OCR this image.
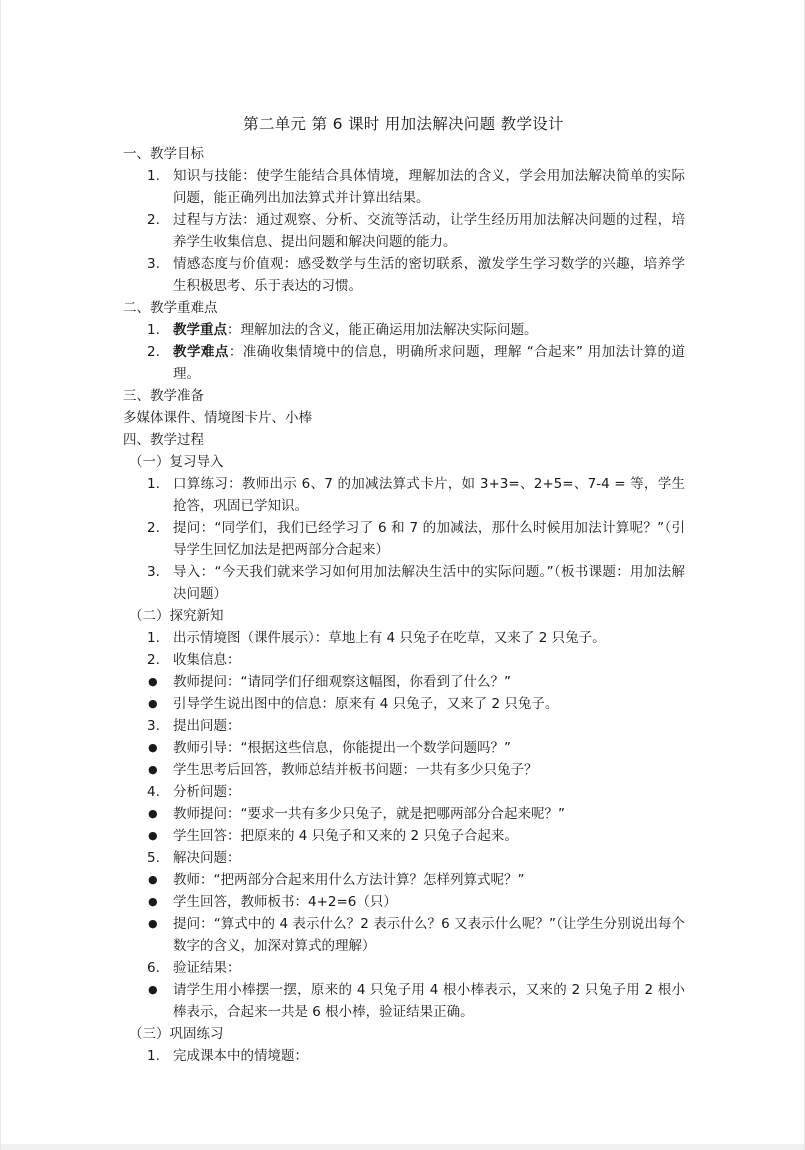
第二单元 第 6 课时 用加法解决问题 教学设计
一、教学目标
1. 知识与技能：使学生能结合具体情境，理解加法的含义，学会用加法解决简单的实际问题，能正确列出加法算式并计算出结果。
2. 过程与方法：通过观察、分析、交流等活动，让学生经历用加法解决问题的过程，培养学生收集信息、提出问题和解决问题的能力。
3. 情感态度与价值观：感受数学与生活的密切联系，激发学生学习数学的兴趣，培养学生积极思考、乐于表达的习惯。
二、教学重难点
1. 教学重点：理解加法的含义，能正确运用加法解决实际问题。
2. 教学难点：准确收集情境中的信息，明确所求问题，理解 “合起来” 用加法计算的道理。
三、教学准备
多媒体课件、情境图卡片、小棒
四、教学过程
（一）复习导入
1. 口算练习：教师出示 6、7 的加减法算式卡片，如 3+3=、2+5=、7-4 = 等，学生抢答，巩固已学知识。
2. 提问：“同学们，我们已经学习了 6 和 7 的加减法，那什么时候用加法计算呢？”（引导学生回忆加法是把两部分合起来）
3. 导入：“今天我们就来学习如何用加法解决生活中的实际问题。”（板书课题：用加法解决问题）
（二）探究新知
1. 出示情境图（课件展示）：草地上有 4 只兔子在吃草，又来了 2 只兔子。
2. 收集信息：
● 教师提问：“请同学们仔细观察这幅图，你看到了什么？”
● 引导学生说出图中的信息：原来有 4 只兔子，又来了 2 只兔子。
3. 提出问题：
● 教师引导：“根据这些信息，你能提出一个数学问题吗？”
● 学生思考后回答，教师总结并板书问题：一共有多少只兔子？
4. 分析问题：
● 教师提问：“要求一共有多少只兔子，就是把哪两部分合起来呢？”
● 学生回答：把原来的 4 只兔子和又来的 2 只兔子合起来。
5. 解决问题：
● 教师：“把两部分合起来用什么方法计算？怎样列算式呢？”
● 学生回答，教师板书：4+2=6（只）
● 提问：“算式中的 4 表示什么？2 表示什么？6 又表示什么呢？”（让学生分别说出每个数字的含义，加深对算式的理解）
6. 验证结果：
● 请学生用小棒摆一摆，原来的 4 只兔子用 4 根小棒表示，又来的 2 只兔子用 2 根小棒表示，合起来一共是 6 根小棒，验证结果正确。
（三）巩固练习
1. 完成课本中的情境题：
